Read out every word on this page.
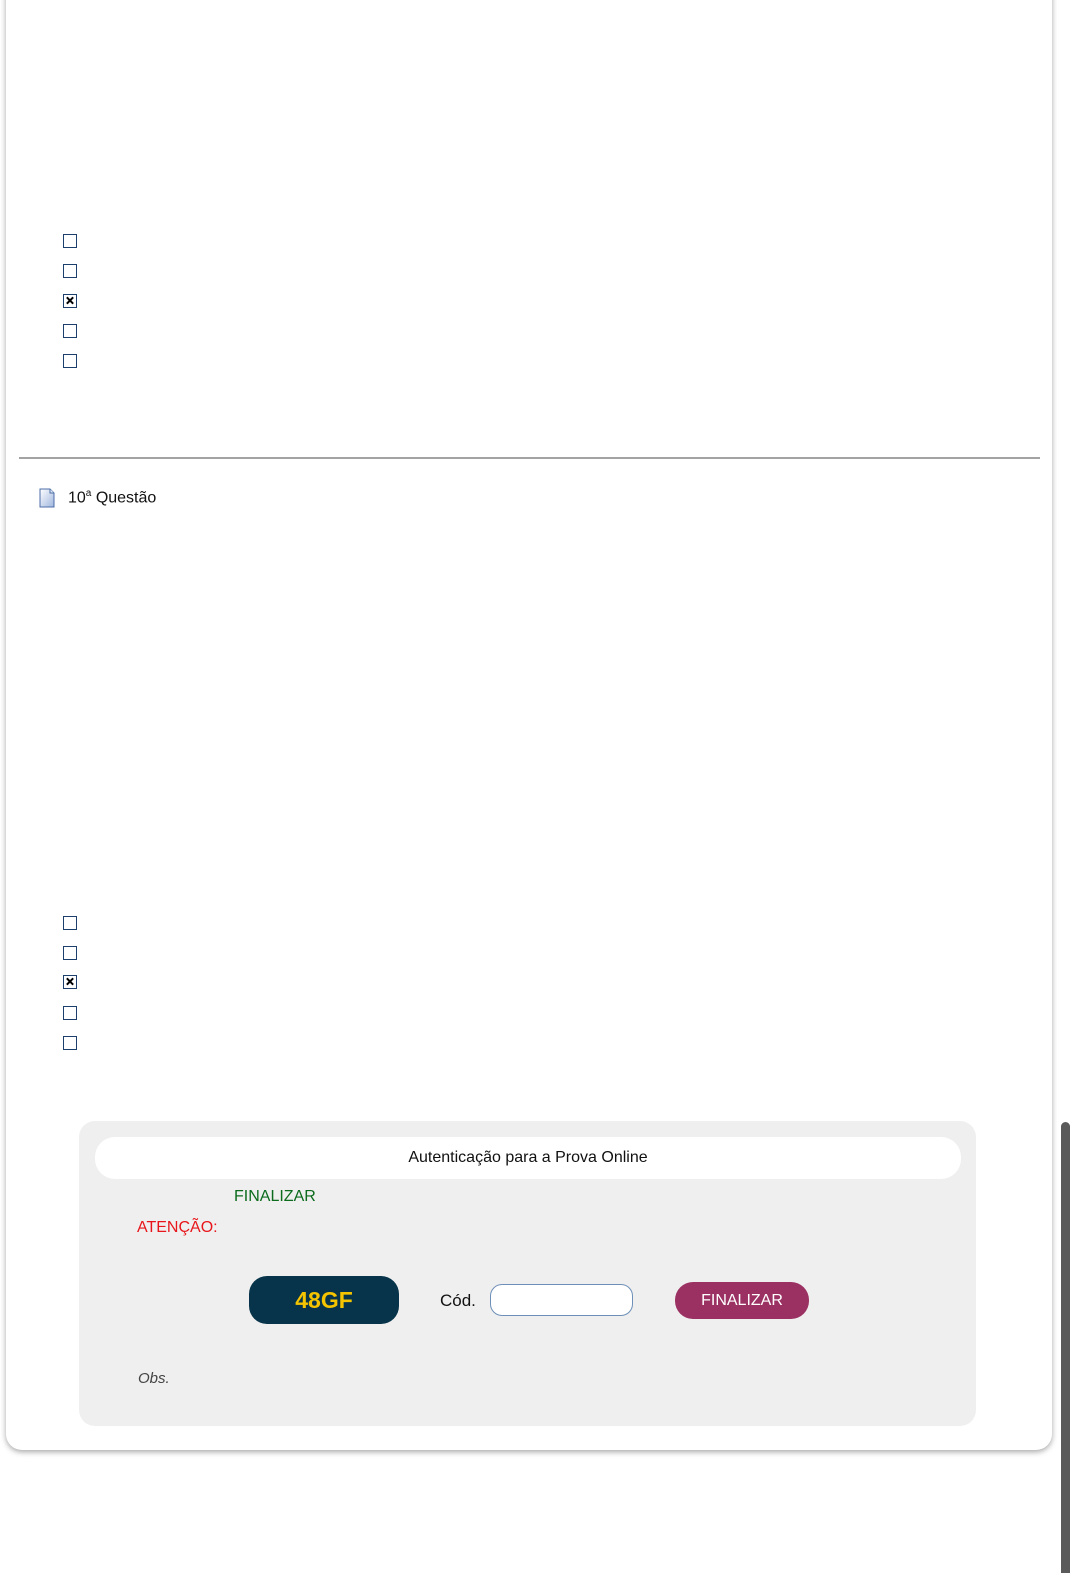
10$^a$ Questão
Autenticação para a Prova Online
FINALIZAR
ATENÇÃO:
48GF	Cód.	FINALIZAR
Obs.
